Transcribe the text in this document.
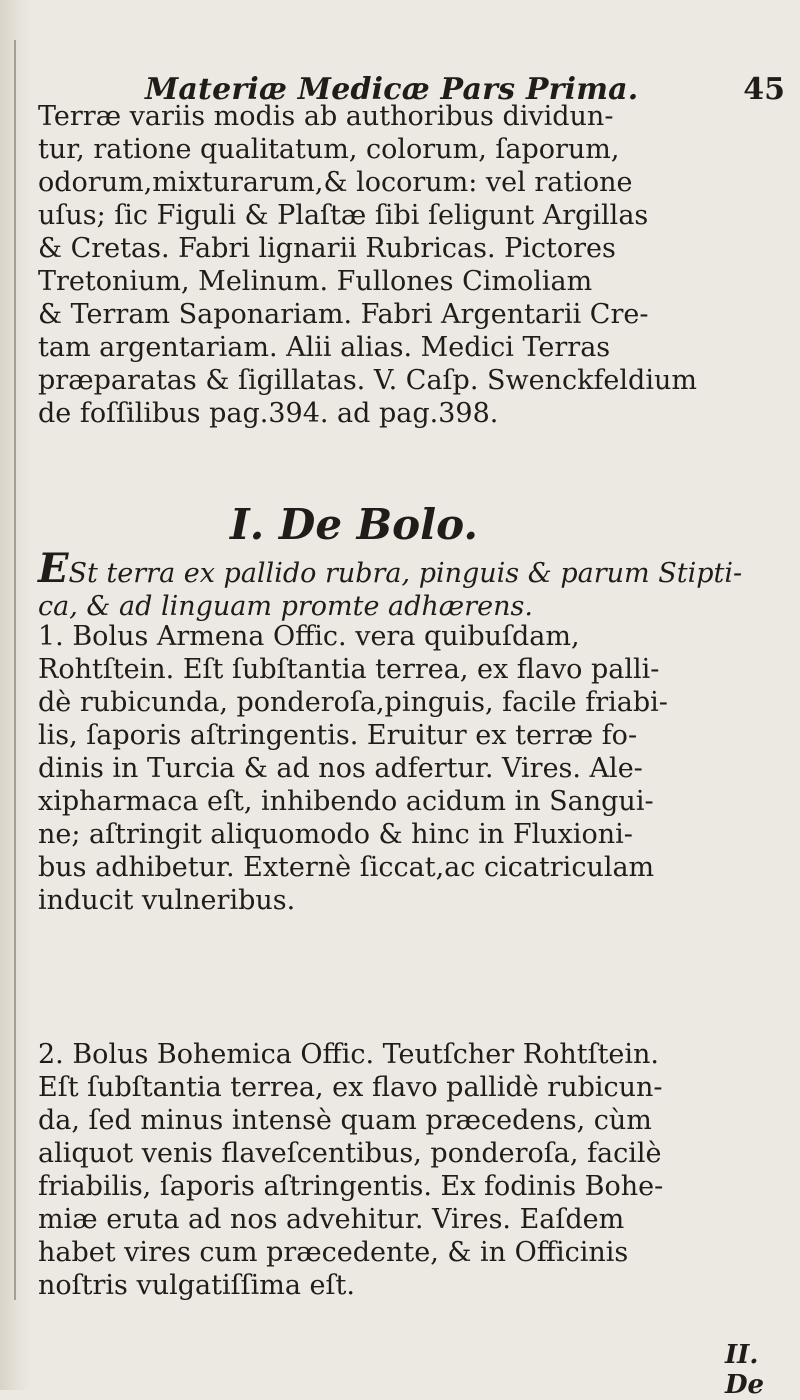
Materiæ Medicæ Pars Prima.	45

Terræ variis modis ab authoribus dividun-
tur, ratione qualitatum, colorum, ſaporum,
odorum,mixturarum,& locorum: vel ratione
uſus; ſic Figuli & Plaſtæ ſibi ſeligunt Argillas
& Cretas. Fabri lignarii Rubricas. Pictores
Tretonium, Melinum. Fullones Cimoliam
& Terram Saponariam. Fabri Argentarii Cre-
tam argentariam. Alii alias. Medici Terras
præparatas & ſigillatas. V. Caſp. Swenckfeldium
de foſſilibus pag.394. ad pag.398.

I. De Bolo.

ESt terra ex pallido rubra, pinguis & parum Stipti-
ca, & ad linguam promte adhærens.

1. Bolus Armena Offic. vera quibuſdam,
Rohtſtein. Eſt ſubſtantia terrea, ex flavo palli-
dè rubicunda, ponderoſa,pinguis, facile friabi-
lis, ſaporis aſtringentis. Eruitur ex terræ fo-
dinis in Turcia & ad nos adfertur. Vires. Ale-
xipharmaca eſt, inhibendo acidum in Sangui-
ne; aſtringit aliquomodo & hinc in Fluxioni-
bus adhibetur. Externè ſiccat,ac cicatriculam
inducit vulneribus.

2. Bolus Bohemica Offic. Teutſcher Rohtſtein.
Eſt ſubſtantia terrea, ex flavo pallidè rubicun-
da, ſed minus intensè quam præcedens, cùm
aliquot venis flaveſcentibus, ponderoſa, facilè
friabilis, ſaporis aſtringentis. Ex fodinis Bohe-
miæ eruta ad nos advehitur. Vires. Eaſdem
habet vires cum præcedente, & in Officinis
noſtris vulgatiſſima eſt.

II. De
